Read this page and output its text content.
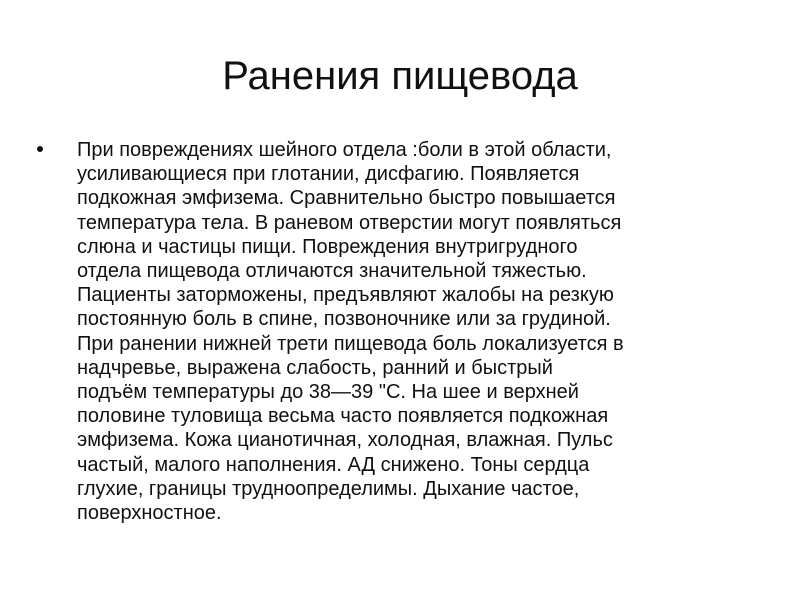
Ранения пищевода

При повреждениях шейного отдела :боли в этой области,
усиливающиеся при глотании, дисфагию. Появляется
подкожная эмфизема. Сравнительно быстро повышается
температура тела. В раневом отверстии могут появляться
слюна и частицы пищи. Повреждения внутригрудного
отдела пищевода отличаются значительной тяжестью.
Пациенты заторможены, предъявляют жалобы на резкую
постоянную боль в спине, позвоночнике или за грудиной.
При ранении нижней трети пищевода боль локализуется в
надчревье, выражена слабость, ранний и быстрый
подъём температуры до 38—39 "С. На шее и верхней
половине туловища весьма часто появляется подкожная
эмфизема. Кожа цианотичная, холодная, влажная. Пульс
частый, малого наполнения. АД снижено. Тоны сердца
глухие, границы трудноопределимы. Дыхание частое,
поверхностное.
